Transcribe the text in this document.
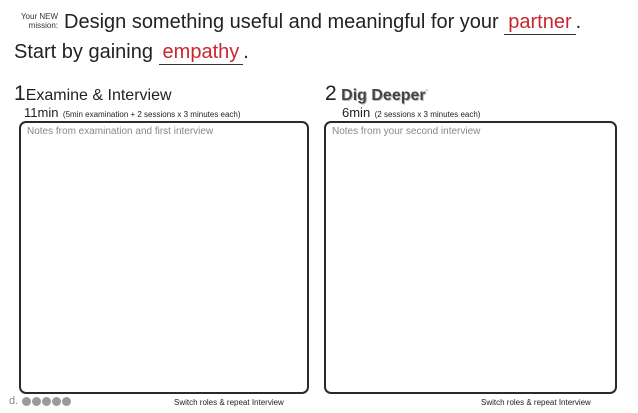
Your NEW mission: Design something useful and meaningful for your partner .
Start by gaining empathy .
1Examine & Interview
11min (5min examination + 2 sessions x 3 minutes each)
Notes from examination and first interview
Switch roles & repeat Interview
2 Dig Deeper*
6min (2 sessions x 3 minutes each)
Notes from your second interview
Switch roles & repeat Interview
d.
